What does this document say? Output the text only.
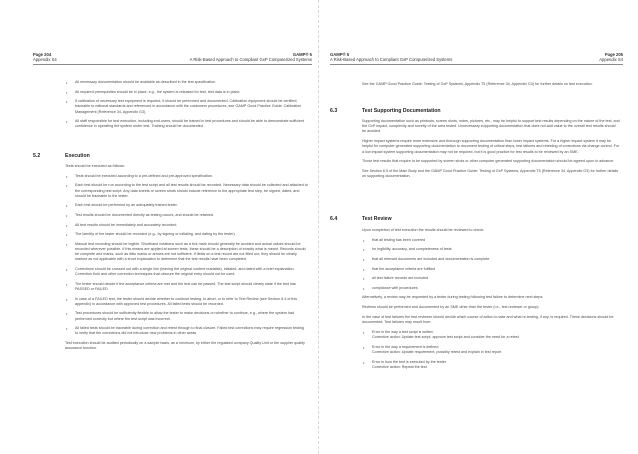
Page 204
Appendix S4
GAMP® 5
A Risk-Based Approach to Compliant GxP Computerized Systems
• All necessary documentation should be available as described in the test specification.
• All required prerequisites should be in place, e.g., the system is released for test, test data is in place.
• If calibration of necessary test equipment is required, it should be performed and documented. Calibration equipment should be certified, traceable to national standards and referenced in accordance with the customers procedures, see GAMP Good Practice Guide: Calibration Management (Reference 34, Appendix G3).
• All staff responsible for test execution, including end-users, should be trained in test procedures and should be able to demonstrate sufficient confidence in operating the system under test. Training should be documented.
5.2	Execution
Tests should be executed as follows:
• Tests should be executed according to a pre-defined and pre-approved specification.
• Each test should be run according to the test script and all test results should be recorded. Necessary data should be collected and attached to the corresponding test script. Any data sheets or screen shots should include reference to the appropriate test step, be signed, dated, and should be traceable to the tester.
• Each test should be performed by an adequately trained tester.
• Test results should be documented directly as testing occurs, and should be retained.
• All test results should be immediately and accurately recorded.
• The identity of the tester should be recorded (e.g., by signing or initialing, and dating by the tester).
• Manual test recording should be legible. Shorthand notations such as a tick mark should generally be avoided and actual values should be recorded wherever possible. If this means are applied at screen tests, these should be a description of exactly what is meant. Records should be complete and marks, such as ditto marks or arrows are not sufficient. If fields on a test record are not filled out, they should be clearly marked as not applicable with a short explanation to determine that the test results have been completed.
• Corrections should be crossed out with a single line (leaving the original content readable), initialed, and dated with a brief explanation. Correction fluid and other correction techniques that obscure the original entry should not be used.
• The tester should decide if the acceptance criteria are met and the test can be passed. The test script should clearly state if the test has PASSED or FAILED.
• In case of a FAILED test, the tester should decide whether to continue testing, to abort, or to refer to Test Review (see Section 6.4 of this appendix) in accordance with approved test procedures. All failed tests should be recorded.
• Test procedures should be sufficiently flexible to allow the tester to make decisions on whether to continue, e.g., where the system had performed correctly but where the test script was incorrect.
• All failed tests should be traceable during correction and retest through to final closure. Failed test corrections may require regression testing to verify that the corrections did not introduce new problems in other areas.
Test execution should be audited periodically on a sample basis, as a minimum, by either the regulated company Quality Unit or the supplier quality assurance function.
GAMP® 5
A Risk-Based Approach to Compliant GxP Computerized Systems
Page 205
Appendix S4
See the GAMP Good Practice Guide: Testing of GxP Systems, Appendix T5 (Reference 34, Appendix G3) for further details on test execution.
6.3	Test Supporting Documentation
Supporting documentation such as printouts, screen shots, notes, pictures, etc., may be helpful to support test results depending on the nature of the test, and the GxP impact, complexity and novelty of the area tested. Unnecessary supporting documentation that does not add value to the overall test results should be avoided.
Higher impact systems require more extensive and thorough supporting documentation than lower impact systems. For a higher impact system it may be helpful for computer generated supporting documentation to document testing of critical steps, test failures and retesting of corrections via change control. For a low impact system supporting documentation may not be required, but it is good practice for test results to be reviewed by an SME.
Those test results that require to be supported by screen shots or other computer generated supporting documentation should be agreed upon in advance.
See Section 6.5 of the Main Body and the GAMP Good Practice Guide: Testing of GxP Systems, Appendix T5 (Reference 34, Appendix G3) for further details on supporting documentation.
6.4	Test Review
Upon completion of test execution the results should be reviewed to check:
• that all testing has been covered
• for legibility, accuracy, and completeness of tests
• that all relevant documents are included and documentation is complete
• that the acceptance criteria are fulfilled
• all test failure records are included
• compliance with procedures
Alternatively, a review may be requested by a tester during testing following test failure to determine next steps.
Reviews should be performed and documented by an SME other than the tester (i.e., test reviewer or group).
In the case of test failures the test reviewer should decide which course of action to take and what re-testing, if any, is required. These decisions should be documented. Test failures may result from:
• Error in the way a test script is written
Corrective action: Update test script, approve test script and consider the need for a retest
• Error in the way a requirement is defined
Corrective action: Update requirement, possibly retest and explain in test report
• Error in how the test is executed by the tester
Corrective action: Repeat the test
